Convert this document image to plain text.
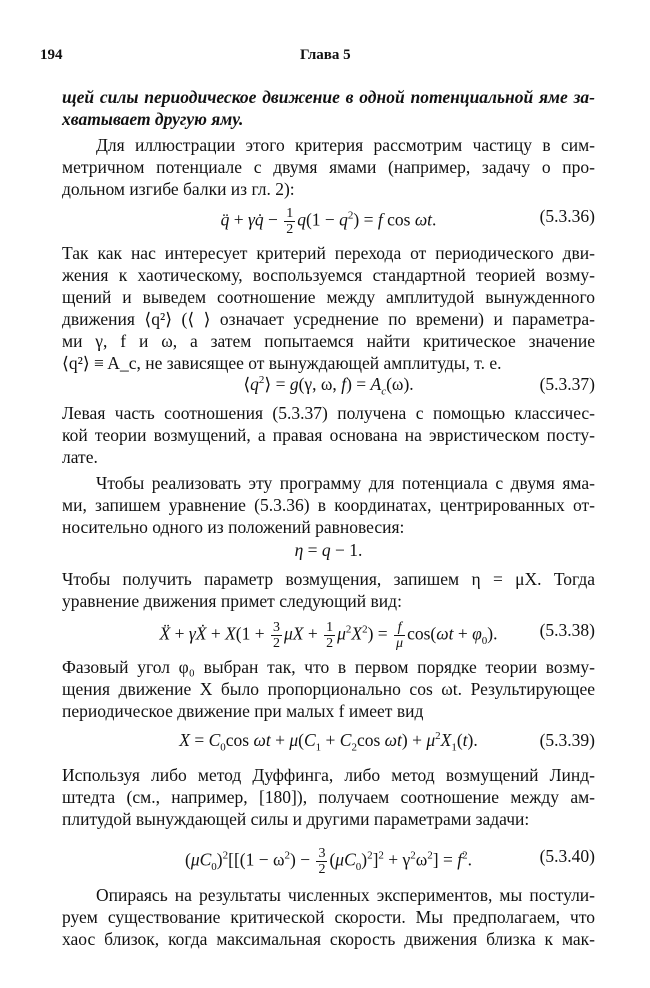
194	Глава 5
щей силы периодическое движение в одной потенциальной яме за-
хватывает другую яму.
Для иллюстрации этого критерия рассмотрим частицу в сим-
метричном потенциале с двумя ямами (например, задачу о про-
дольном изгибе балки из гл. 2):
q̈ + γq̇ − $\frac{1}{2} q(1 - q^2) = f$ cos ωt.	(5.3.36)
Так как нас интересует критерий перехода от периодического дви-
жения к хаотическому, воспользуемся стандартной теорией возму-
щений и выведем соотношение между амплитудой вынужденного
движения ⟨q²⟩ (⟨ ⟩ означает усреднение по времени) и параметра-
ми γ, f и ω, а затем попытаемся найти критическое значение
⟨q²⟩ ≡ A_c, не зависящее от вынуждающей амплитуды, т. е.
$⟨q^2⟩ = g(\gamma$, ω, $f) = A_c(\omega)$.	(5.3.37)
Левая часть соотношения (5.3.37) получена с помощью классичес-
кой теории возмущений, а правая основана на эвристическом посту-
лате.
Чтобы реализовать эту программу для потенциала с двумя яма-
ми, запишем уравнение (5.3.36) в координатах, центрированных от-
носительно одного из положений равновесия:
η = q − 1.
Чтобы получить параметр возмущения, запишем η = μX. Тогда
уравнение движения примет следующий вид:
Ẍ + γẊ + $X(1 + \frac{3}{2}$ $\mu X + \frac{1}{2} \mu^2X^2) = \frac{f}{\mu} \cos(\omega t + \varphi_0)$.	(5.3.38)
Фазовый угол φ₀ выбран так, что в первом порядке теории возму-
щения движение X было пропорционально cos ωt. Результирующее
периодическое движение при малых f имеет вид
$X = C_0\cos$ $\omega t + \mu(C_1 + C_2\cos$ $\omega t) + \mu^2X_1(t)$.	(5.3.39)
Используя либо метод Дуффинга, либо метод возмущений Линд-
штедта (см., например, [180]), получаем соотношение между ам-
плитудой вынуждающей силы и другими параметрами задачи:
$(\mu C_0)^2[[(1 - \omega^2) - \frac{3}{2} (\mu C_0)^2]^2 + \gamma^2\omega^2] = f^2$.	(5.3.40)
Опираясь на результаты численных экспериментов, мы постули-
руем существование критической скорости. Мы предполагаем, что
хаос близок, когда максимальная скорость движения близка к мак-
